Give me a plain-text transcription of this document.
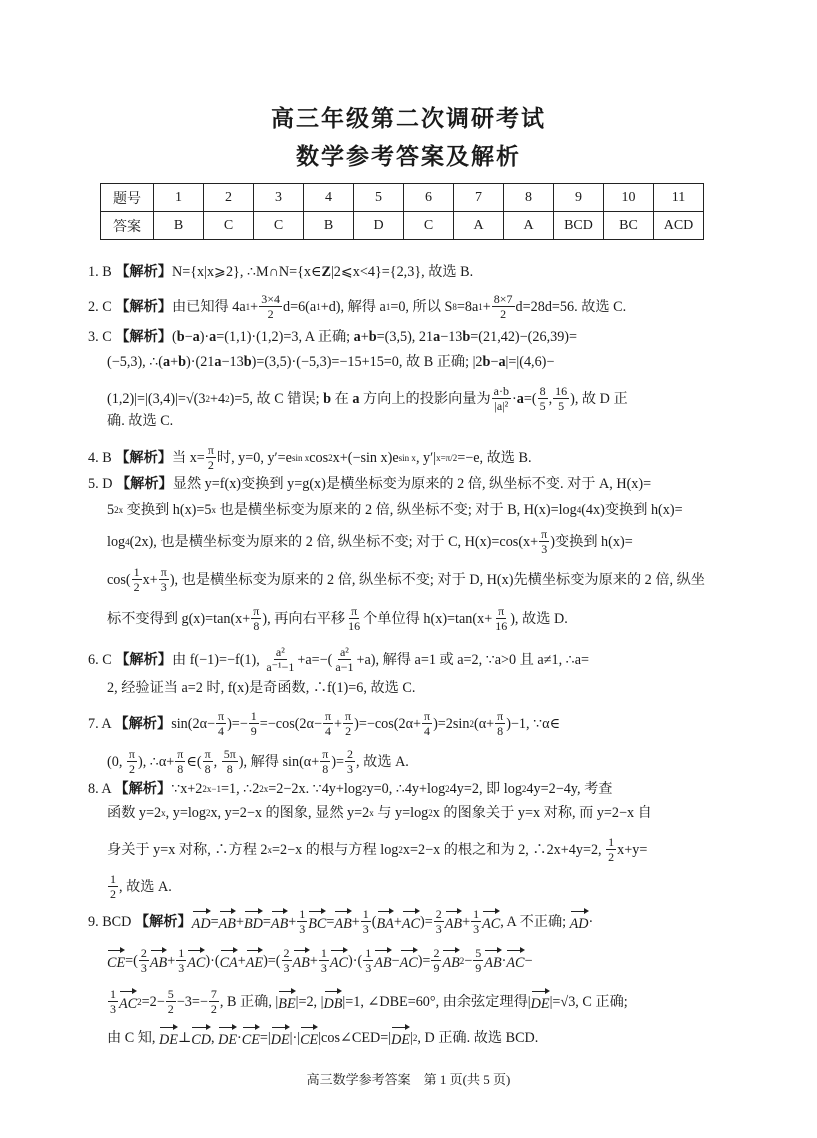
高三年级第二次调研考试
数学参考答案及解析
题号	1	2	3	4	5	6	7	8	9	10	11
答案	B	C	C	B	D	C	A	A	BCD	BC	ACD
1. B 【解析】 N={x|x⩾2}, ∴M∩N={x∈ Z |2⩽x<4}={2,3}, 故选 B.
2. C 【解析】 由已知得 4a $1 + \frac{3\times 4}{2} d=6(a$ 1 +d), 解得 a 1 =0, 所以 S 8 =8a $1 + \frac{8\times 7}{2} d=28d=56$. 故选 C.
3. C 【解析】 ( b − a )· a =(1,1)·(1,2)=3, A 正确; a + b =(3,5), 21 a −13 b =(21,42)−(26,39)=
(−5,3), ∴( a + b )·(21 a −13 b )=(3,5)·(−5,3)=−15+15=0, 故 B 正确; |2 b − a |=|(4,6)−
(1,2)|=|(3,4)|=√(3 2 +4 2 )=5, 故 C 错误; b 在 a 方向上的投影向量为 $\frac{a\cdot b}{\text{|a|²}} \cdot a$ =( $\frac{8}{5}$ , $\frac{16}{5}$ ), 故 D 正
确. 故选 C.
4. B 【解析】 当 $x= \frac{\pi}{2}$ 时, y=0, y′=e sin x cos 2 x+(−sin x)e sin x , y′| x=π/2 =−e, 故选 B.
5. D 【解析】 显然 y=f(x)变换到 y=g(x)是横坐标变为原来的 2 倍, 纵坐标不变. 对于 A, H(x)=
5 2x 变换到 h(x)=5 x 也是横坐标变为原来的 2 倍, 纵坐标不变; 对于 B, H(x)=log 4 (4x)变换到 h(x)=
log 4 (2x), 也是横坐标变为原来的 2 倍, 纵坐标不变; 对于 C, $H(x)=\cos(x+ \frac{\pi}{3}$ )变换到 h(x)=
$\cos( \frac{1}{2} x+ \frac{\pi}{3}$ ), 也是横坐标变为原来的 2 倍, 纵坐标不变; 对于 D, H(x)先横坐标变为原来的 2 倍, 纵坐
标不变得到 $g(x)=\tan(x+ \frac{\pi}{8}$ ), 再向右平移 $\frac{\pi}{16}$ 个单位得 $h(x)=\tan(x+ \frac{\pi}{16}$ ), 故选 D.
6. C 【解析】 由 f(−1)=−f(1), $\frac{\text{a²}}{\text{a⁻¹−1}} +a=-( \frac{\text{a²}}{a-1} +a)$, 解得 a=1 或 a=2, ∵a>0 且 a≠1, ∴a=
2, 经验证当 a=2 时, f(x)是奇函数, ∴f(1)=6, 故选 C.
7. A 【解析】 $\sin(2\alpha- \frac{\pi}{4}$ )=− $\frac{1}{9} =-\cos(2\alpha- \frac{\pi}{4} + \frac{\pi}{2} )=-\cos(2\alpha+ \frac{\pi}{4} )=2\sin$ 2 $(\alpha+ \frac{\pi}{8} )-1$, ∵α∈
(0, $\frac{\pi}{2}$ ), ∴α+ $\frac{\pi}{8}$ ∈( $\frac{\pi}{8}$ , $\frac{5\pi}{8}$ ), 解得 $\sin(\alpha+ \frac{\pi}{8}$ )= $\frac{2}{3}$ , 故选 A.
8. A 【解析】 ∵x+2 2x−1 =1, ∴2 2x =2−2x. ∵4y+log 2 y=0, ∴4y+log 2 4y=2, 即 log 2 4y=2−4y, 考查
函数 y=2 x , y=log 2 x, y=2−x 的图象, 显然 y=2 x 与 y=log 2 x 的图象关于 y=x 对称, 而 y=2−x 自
身关于 y=x 对称, ∴方程 2 x =2−x 的根与方程 log 2 x=2−x 的根之和为 2, ∴2x+4y=2, $\frac{1}{2} x+y=$
$\frac{1}{2}$ , 故选 A.
9. BCD 【解析】 AD = AB + BD = AB + $\frac{1}{3}$ BC = AB + $\frac{1}{3}$ ( BA + AC )= $\frac{2}{3}$ AB + $\frac{1}{3}$ AC , A 不正确; AD ·
CE =( $\frac{2}{3}$ AB + $\frac{1}{3}$ AC )·( CA + AE )=( $\frac{2}{3}$ AB + $\frac{1}{3}$ AC )·( $\frac{1}{3}$ AB − AC )= $\frac{2}{9}$ AB $2 - \frac{5}{9}$ AB · AC −
$\frac{1}{3}$ AC $2 =2- \frac{5}{2} -3=- \frac{7}{2}$ , B 正确, | BE |=2, | DB |=1, ∠DBE=60°, 由余弦定理得| DE |=√3, C 正确;
由 C 知, DE ⊥ CD , DE · CE =| DE |·| CE |cos∠CED=| DE | 2 , D 正确. 故选 BCD.
高三数学参考答案　第 1 页(共 5 页)
